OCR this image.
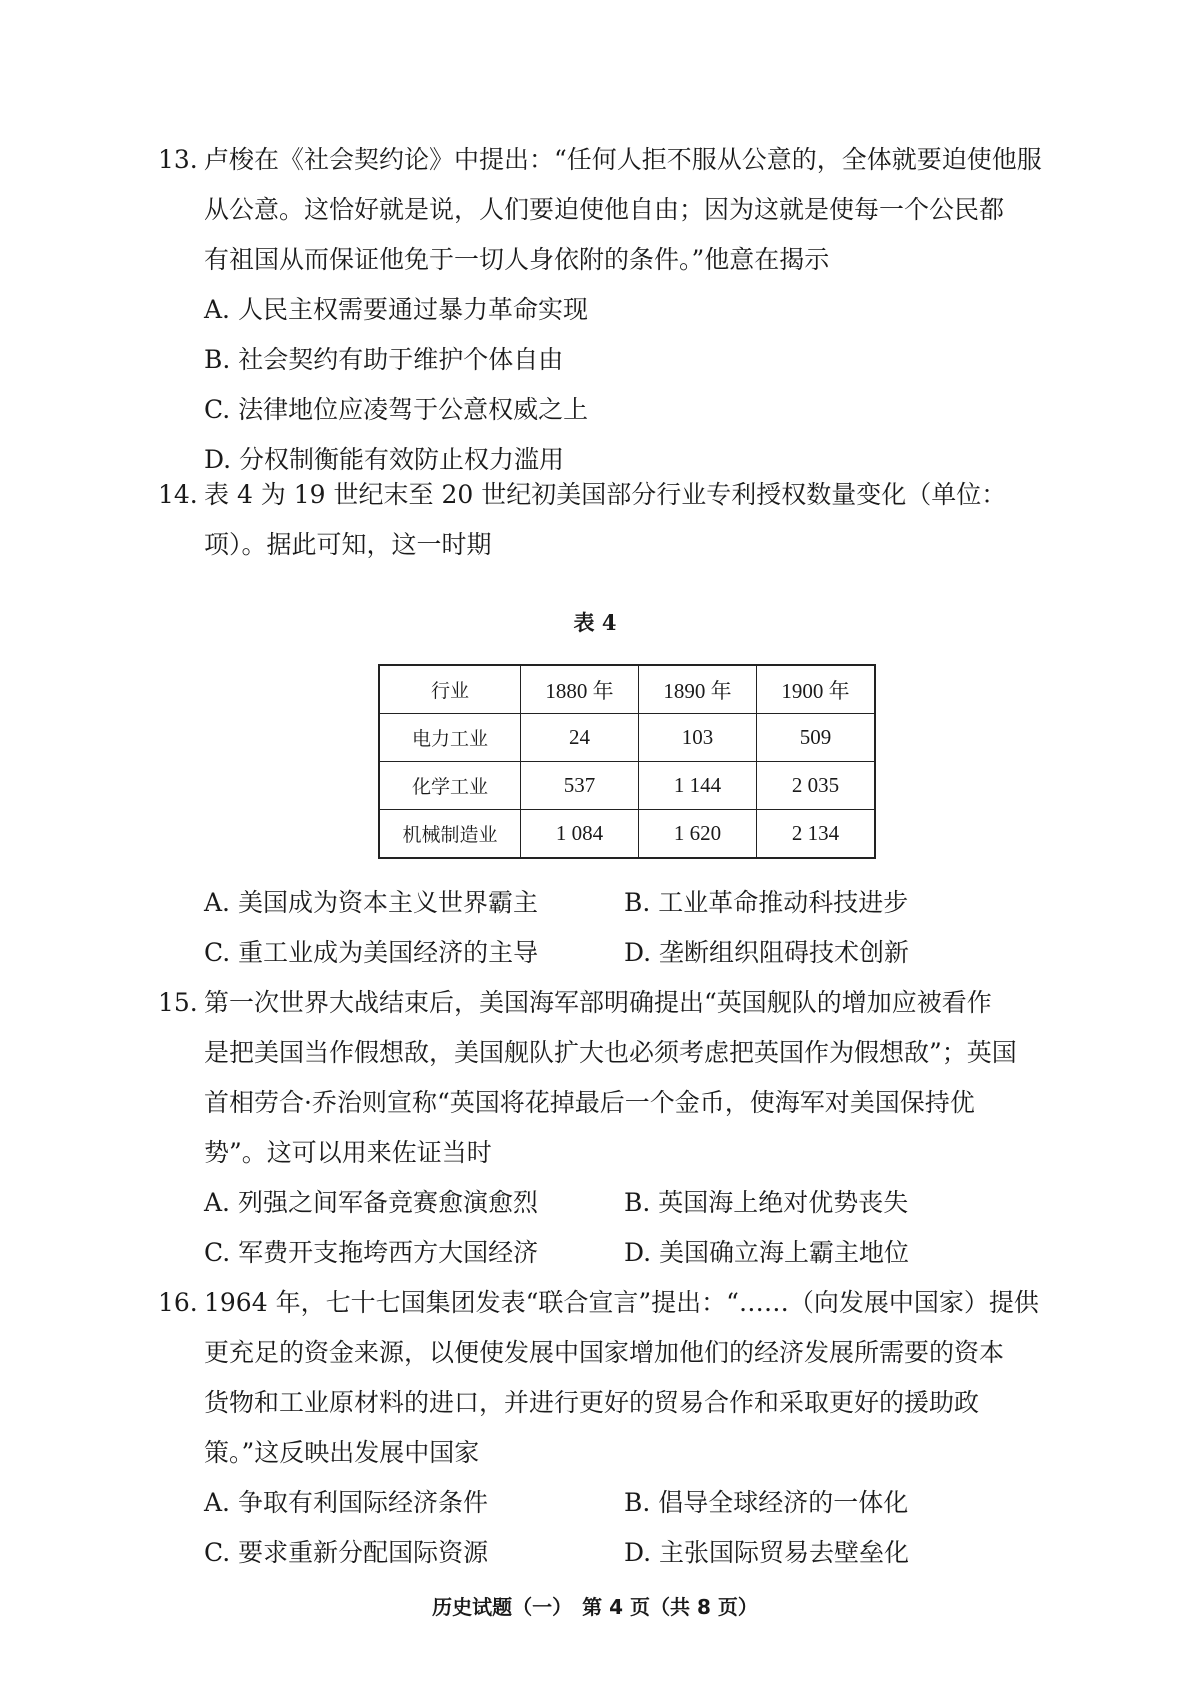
13. 卢梭在《社会契约论》中提出：“任何人拒不服从公意的，全体就要迫使他服
从公意。这恰好就是说，人们要迫使他自由；因为这就是使每一个公民都
有祖国从而保证他免于一切人身依附的条件。”他意在揭示
A. 人民主权需要通过暴力革命实现
B. 社会契约有助于维护个体自由
C. 法律地位应凌驾于公意权威之上
D. 分权制衡能有效防止权力滥用
14. 表 4 为 19 世纪末至 20 世纪初美国部分行业专利授权数量变化（单位：
项）。据此可知，这一时期
表 4
行业	1880 年	1890 年	1900 年
电力工业	24	103	509
化学工业	537	1 144	2 035
机械制造业	1 084	1 620	2 134
A. 美国成为资本主义世界霸主	B. 工业革命推动科技进步
C. 重工业成为美国经济的主导	D. 垄断组织阻碍技术创新
15. 第一次世界大战结束后，美国海军部明确提出“英国舰队的增加应被看作
是把美国当作假想敌，美国舰队扩大也必须考虑把英国作为假想敌”；英国
首相劳合·乔治则宣称“英国将花掉最后一个金币，使海军对美国保持优
势”。这可以用来佐证当时
A. 列强之间军备竞赛愈演愈烈	B. 英国海上绝对优势丧失
C. 军费开支拖垮西方大国经济	D. 美国确立海上霸主地位
16. 1964 年，七十七国集团发表“联合宣言”提出：“……（向发展中国家）提供
更充足的资金来源，以便使发展中国家增加他们的经济发展所需要的资本
货物和工业原材料的进口，并进行更好的贸易合作和采取更好的援助政
策。”这反映出发展中国家
A. 争取有利国际经济条件	B. 倡导全球经济的一体化
C. 要求重新分配国际资源	D. 主张国际贸易去壁垒化
历史试题（一）　第 4 页（共 8 页）
